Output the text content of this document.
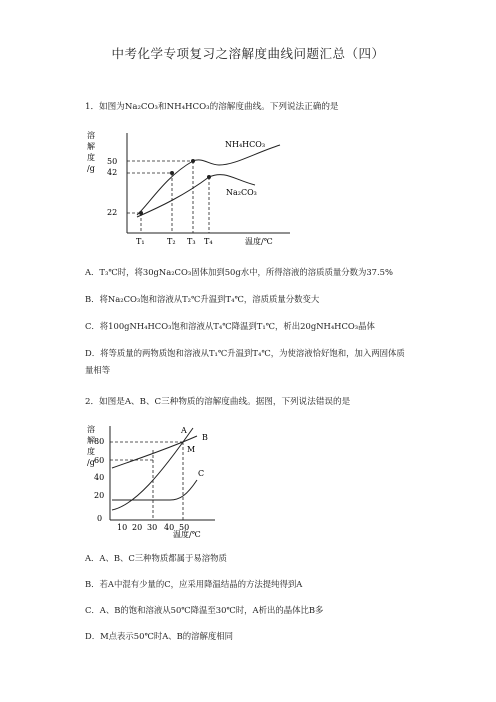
中考化学专项复习之溶解度曲线问题汇总（四）
1．如图为Na₂CO₃和NH₄HCO₃的溶解度曲线。下列说法正确的是
溶
解
度
/g
50
42
22
NH₄HCO₃
Na₂CO₃
T₁	T₂ T₃ T₄	温度/℃
A．T₃℃时，将30gNa₂CO₃固体加到50g水中，所得溶液的溶质质量分数为37.5%
B．将Na₂CO₃饱和溶液从T₂℃升温到T₄℃，溶质质量分数变大
C．将100gNH₄HCO₃饱和溶液从T₄℃降温到T₁℃，析出20gNH₄HCO₃晶体
D．将等质量的两物质饱和溶液从T₁℃升温到T₄℃，为使溶液恰好饱和，加入两固体质
量相等
2．如图是A、B、C三种物质的溶解度曲线。据图，下列说法错误的是
溶
解
度
/g
80
60
40
20
A
B
C
M
0
10 20 30 40 50
温度/℃
A．A、B、C三种物质都属于易溶物质
B．若A中混有少量的C，应采用降温结晶的方法提纯得到A
C．A、B的饱和溶液从50℃降温至30℃时，A析出的晶体比B多
D．M点表示50℃时A、B的溶解度相同
